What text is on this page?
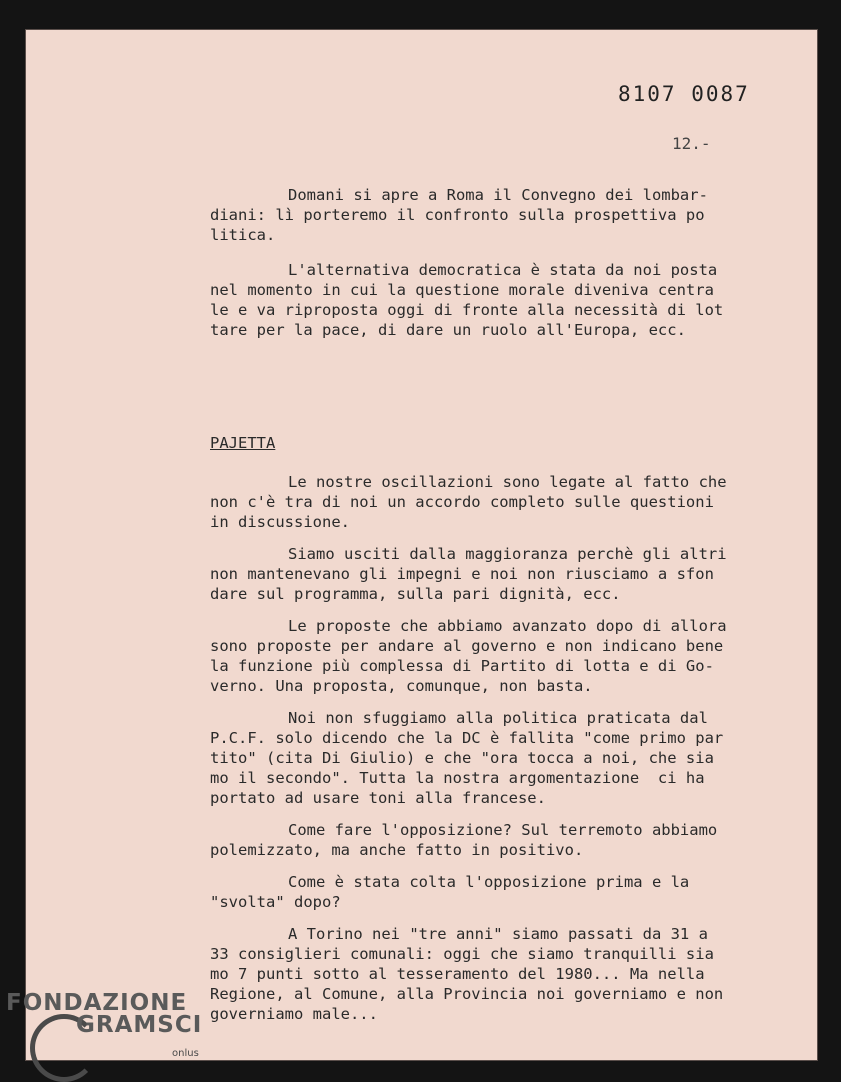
8107 0087
12.-
Domani si apre a Roma il Convegno dei lombar-
diani: lì porteremo il confronto sulla prospettiva po
litica.
L'alternativa democratica è stata da noi posta
nel momento in cui la questione morale diveniva centra
le e va riproposta oggi di fronte alla necessità di lot
tare per la pace, di dare un ruolo all'Europa, ecc.
PAJETTA
Le nostre oscillazioni sono legate al fatto che
non c'è tra di noi un accordo completo sulle questioni
in discussione.
Siamo usciti dalla maggioranza perchè gli altri
non mantenevano gli impegni e noi non riusciamo a sfon
dare sul programma, sulla pari dignità, ecc.
Le proposte che abbiamo avanzato dopo di allora
sono proposte per andare al governo e non indicano bene
la funzione più complessa di Partito di lotta e di Go-
verno. Una proposta, comunque, non basta.
Noi non sfuggiamo alla politica praticata dal
P.C.F. solo dicendo che la DC è fallita "come primo par
tito" (cita Di Giulio) e che "ora tocca a noi, che sia
mo il secondo". Tutta la nostra argomentazione  ci ha
portato ad usare toni alla francese.
Come fare l'opposizione? Sul terremoto abbiamo
polemizzato, ma anche fatto in positivo.
Come è stata colta l'opposizione prima e la
"svolta" dopo?
A Torino nei "tre anni" siamo passati da 31 a
33 consiglieri comunali: oggi che siamo tranquilli sia
mo 7 punti sotto al tesseramento del 1980... Ma nella
Regione, al Comune, alla Provincia noi governiamo e non
governiamo male...
FONDAZIONE
GRAMSCI
onlus
